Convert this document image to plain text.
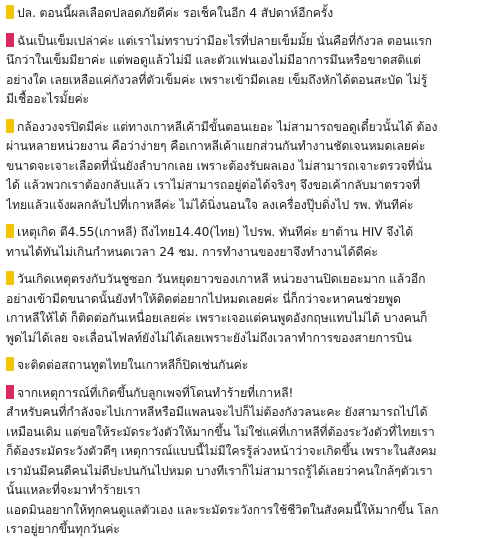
ปล. ตอนนี้ผลเลือดปลอดภัยดีค่ะ รอเช็คในอีก 4 สัปดาห์อีกครั้ง
ฉันเป็นเข็มเปล่าค่ะ แต่เราไม่ทราบว่ามีอะไรที่ปลายเข็มมั้ย นั่นคือที่กังวล ตอนแรก
นึกว่าในเข็มมียาค่ะ แต่พอดูแล้วไม่มี และตัวแฟนเองไม่มีอาการมึนหรือขาดสติแต่
อย่างใด เลยเหลือแค่กังวลที่ตัวเข็มค่ะ เพราะเข้ามีดเลย เข็มถึงหักได้ตอนสะบัด ไม่รู้
มีเชื้ออะไรมั้ยค่ะ
กล้องวงจรปิดมีค่ะ แต่ทางเกาหลีเค้ามีขั้นตอนเยอะ ไม่สามารถขอดูเดี๋ยวนั้นได้ ต้อง
ผ่านหลายหน่วยงาน คือว่าง่ายๆ คือเกาหลีเค้าแยกส่วนกันทำงานชัดเจนหมดเลยค่ะ
ขนาดจะเจาะเลือดที่นั่นยังลำบากเลย เพราะต้องรับผลเอง ไม่สามารถเจาะตรวจที่นั่น
ได้ แล้วพวกเราต้องกลับแล้ว เราไม่สามารถอยู่ต่อได้จริงๆ จึงขอเค้ากลับมาตรวจที่
ไทยแล้วแจ้งผลกลับไปที่เกาหลีค่ะ ไม่ได้นิ่งนอนใจ ลงเครื่องปุ๊บดิ่งไป รพ. ทันทีค่ะ
เหตุเกิด ตี4.55(เกาหลี) ถึงไทย14.40(ไทย) ไปรพ. ทันทีค่ะ ยาต้าน HIV จึงได้
ทานได้ทันไม่เกินกำหนดเวลา 24 ชม. การทำงานของยาจึงทำงานได้ดีค่ะ
วันเกิดเหตุตรงกับวันชูซอก วันหยุดยาวของเกาหลี หน่วยงานปิดเยอะมาก แล้วอีก
อย่างเข้ามีดขนาดนั้นยังทำให้ติดต่อยากไปหมดเลยค่ะ นี่ก็กว่าจะหาคนช่วยพูด
เกาหลีให้ได้ ก็ติดต่อกันเหนื่อยเลยค่ะ เพราะเจอแต่คนพูดอังกฤษแทบไม่ได้ บางคนก็
พูดไม่ได้เลย จะเลื่อนไฟลท์ยังไม่ได้เลยเพราะยังไม่ถึงเวลาทำการของสายการบิน
จะติดต่อสถานทูตไทยในเกาหลีก็ปิดเช่นกันค่ะ
จากเหตุการณ์ที่เกิดขึ้นกับลูกเพจที่โดนทำร้ายที่เกาหลี!
สำหรับคนที่กำลังจะไปเกาหลีหรือมีแพลนจะไปก็ไม่ต้องกังวลนะคะ ยังสามารถไปได้
เหมือนเดิม แต่ขอให้ระมัดระวังตัวให้มากขึ้น ไม่ใช่แค่ที่เกาหลีที่ต้องระวังตัวที่ไทยเรา
ก็ต้องระมัดระวังตัวดีๆ เหตุการณ์แบบนี้ไม่มีใครรู้ล่วงหน้าว่าจะเกิดขึ้น เพราะในสังคม
เรามันมีคนดีคนไม่ดีปะปนกันไปหมด บางทีเราก็ไม่สามารถรู้ได้เลยว่าคนใกล้ๆตัวเรา
นั้นแหละที่จะมาทำร้ายเรา
แอดมินอยากให้ทุกคนดูแลตัวเอง และระมัดระวังการใช้ชีวิตในสังคมนี้ให้มากขึ้น โลก
เราอยู่ยากขึ้นทุกวันค่ะ
